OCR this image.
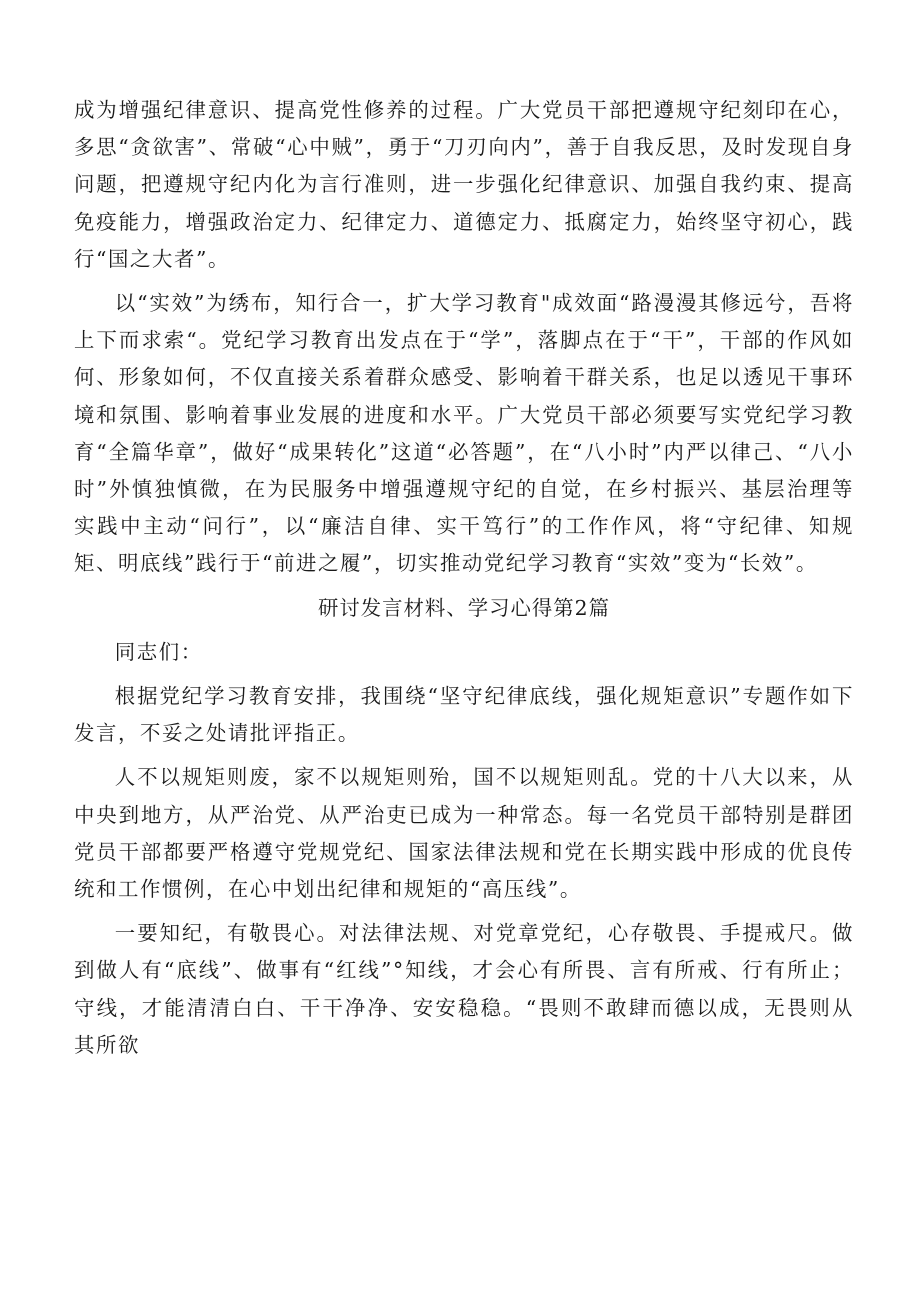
成为增强纪律意识、提高党性修养的过程。广大党员干部把遵规守纪刻印在心，多思“贪欲害”、常破“心中贼”，勇于“刀刃向内”，善于自我反思，及时发现自身问题，把遵规守纪内化为言行准则，进一步强化纪律意识、加强自我约束、提高免疫能力，增强政治定力、纪律定力、道德定力、抵腐定力，始终坚守初心，践行“国之大者”。

以“实效”为绣布，知行合一，扩大学习教育"成效面“路漫漫其修远兮，吾将上下而求索“。党纪学习教育出发点在于“学”，落脚点在于“干”，干部的作风如何、形象如何，不仅直接关系着群众感受、影响着干群关系，也足以透见干事环境和氛围、影响着事业发展的进度和水平。广大党员干部必须要写实党纪学习教育“全篇华章”，做好“成果转化”这道“必答题”，在“八小时”内严以律己、“八小时”外慎独慎微，在为民服务中增强遵规守纪的自觉，在乡村振兴、基层治理等实践中主动“问行”，以“廉洁自律、实干笃行”的工作作风，将“守纪律、知规矩、明底线”践行于“前进之履”，切实推动党纪学习教育“实效”变为“长效”。

研讨发言材料、学习心得第2篇

同志们：

根据党纪学习教育安排，我围绕“坚守纪律底线，强化规矩意识”专题作如下发言，不妥之处请批评指正。

人不以规矩则废，家不以规矩则殆，国不以规矩则乱。党的十八大以来，从中央到地方，从严治党、从严治吏已成为一种常态。每一名党员干部特别是群团党员干部都要严格遵守党规党纪、国家法律法规和党在长期实践中形成的优良传统和工作惯例，在心中划出纪律和规矩的“高压线”。

一要知纪，有敬畏心。对法律法规、对党章党纪，心存敬畏、手提戒尺。做到做人有“底线”、做事有“红线”°知线，才会心有所畏、言有所戒、行有所止；守线，才能清清白白、干干净净、安安稳稳。“畏则不敢肆而德以成，无畏则从其所欲
